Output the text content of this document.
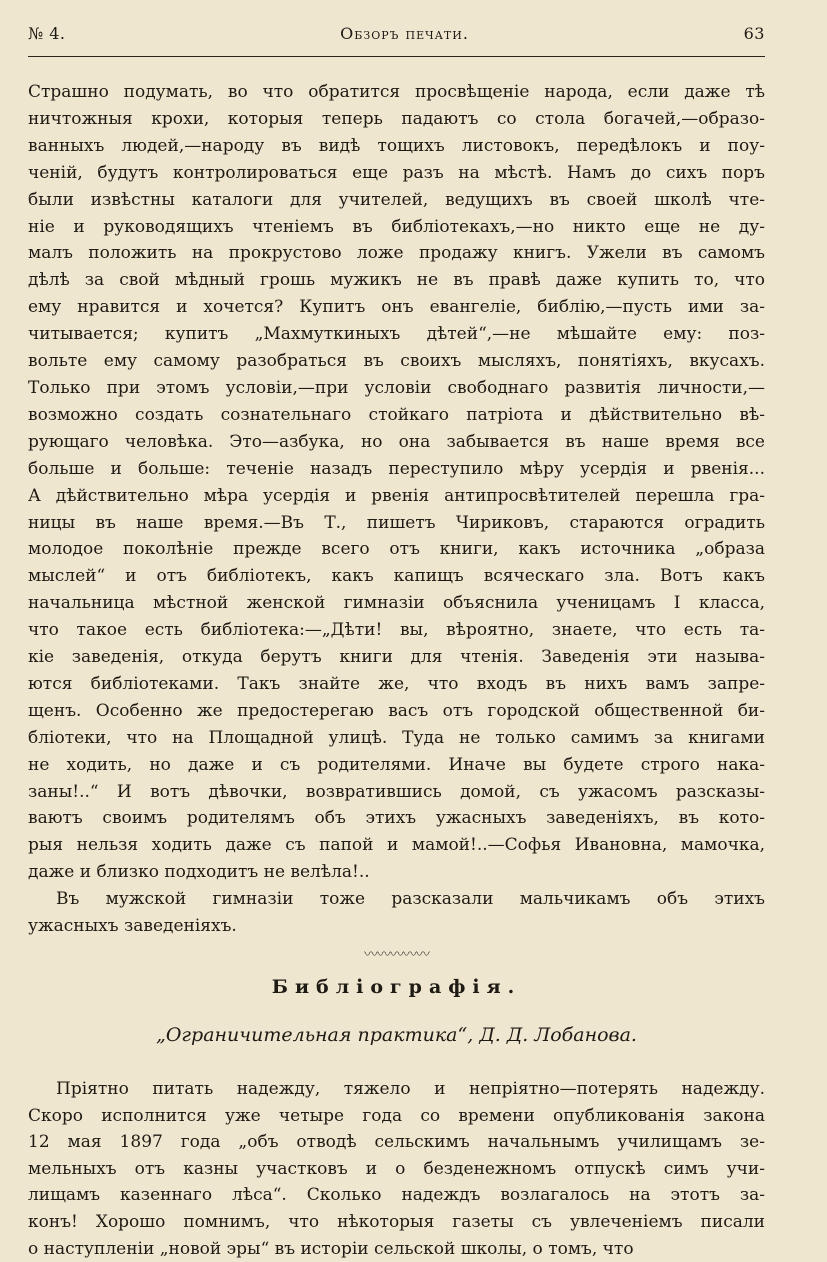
№ 4.	Обзоръ печати.	63
Страшно подумать, во что обратится просвѣщеніе народа, если даже тѣ
ничтожныя крохи, которыя теперь падаютъ со стола богачей,—образо-
ванныхъ людей,—народу въ видѣ тощихъ листовокъ, передѣлокъ и поу-
ченій, будутъ контролироваться еще разъ на мѣстѣ. Намъ до сихъ поръ
были извѣстны каталоги для учителей, ведущихъ въ своей школѣ чте-
ніе и руководящихъ чтеніемъ въ библіотекахъ,—но никто еще не ду-
малъ положить на прокрустово ложе продажу книгъ. Ужели въ самомъ
дѣлѣ за свой мѣдный грошь мужикъ не въ правѣ даже купить то, что
ему нравится и хочется? Купитъ онъ евангеліе, библію,—пусть ими за-
читывается; купитъ „Махмуткиныхъ дѣтей“,—не мѣшайте ему: поз-
вольте ему самому разобраться въ своихъ мысляхъ, понятіяхъ, вкусахъ.
Только при этомъ условіи,—при условіи свободнаго развитія личности,—
возможно создать сознательнаго стойкаго патріота и дѣйствительно вѣ-
рующаго человѣка. Это—азбука, но она забывается въ наше время все
больше и больше: теченіе назадъ переступило мѣру усердія и рвенія...
А дѣйствительно мѣра усердія и рвенія антипросвѣтителей перешла гра-
ницы въ наше время.—Въ Т., пишетъ Чириковъ, стараются оградить
молодое поколѣніе прежде всего отъ книги, какъ источника „образа
мыслей“ и отъ библіотекъ, какъ капищъ всяческаго зла. Вотъ какъ
начальница мѣстной женской гимназіи объяснила ученицамъ I класса,
что такое есть библіотека:—„Дѣти! вы, вѣроятно, знаете, что есть та-
кіе заведенія, откуда берутъ книги для чтенія. Заведенія эти называ-
ются библіотеками. Такъ знайте же, что входъ въ нихъ вамъ запре-
щенъ. Особенно же предостерегаю васъ отъ городской общественной би-
бліотеки, что на Площадной улицѣ. Туда не только самимъ за книгами
не ходить, но даже и съ родителями. Иначе вы будете строго нака-
заны!..“ И вотъ дѣвочки, возвратившись домой, съ ужасомъ разсказы-
ваютъ своимъ родителямъ объ этихъ ужасныхъ заведеніяхъ, въ кото-
рыя нельзя ходить даже съ папой и мамой!..—Софья Ивановна, мамочка,
даже и близко подходитъ не велѣла!..
Въ мужской гимназіи тоже разсказали мальчикамъ объ этихъ
ужасныхъ заведеніяхъ.
〰〰〰〰〰
Библіографія.
„Ограничительная практика“, Д. Д. Лобанова.
Пріятно питать надежду, тяжело и непріятно—потерять надежду.
Скоро исполнится уже четыре года со времени опубликованія закона
12 мая 1897 года „объ отводѣ сельскимъ начальнымъ училищамъ зе-
мельныхъ отъ казны участковъ и о безденежномъ отпускѣ симъ учи-
лищамъ казеннаго лѣса“. Сколько надеждъ возлагалось на этотъ за-
конъ! Хорошо помнимъ, что нѣкоторыя газеты съ увлеченіемъ писали
о наступленіи „новой эры“ въ исторіи сельской школы, о томъ, что
